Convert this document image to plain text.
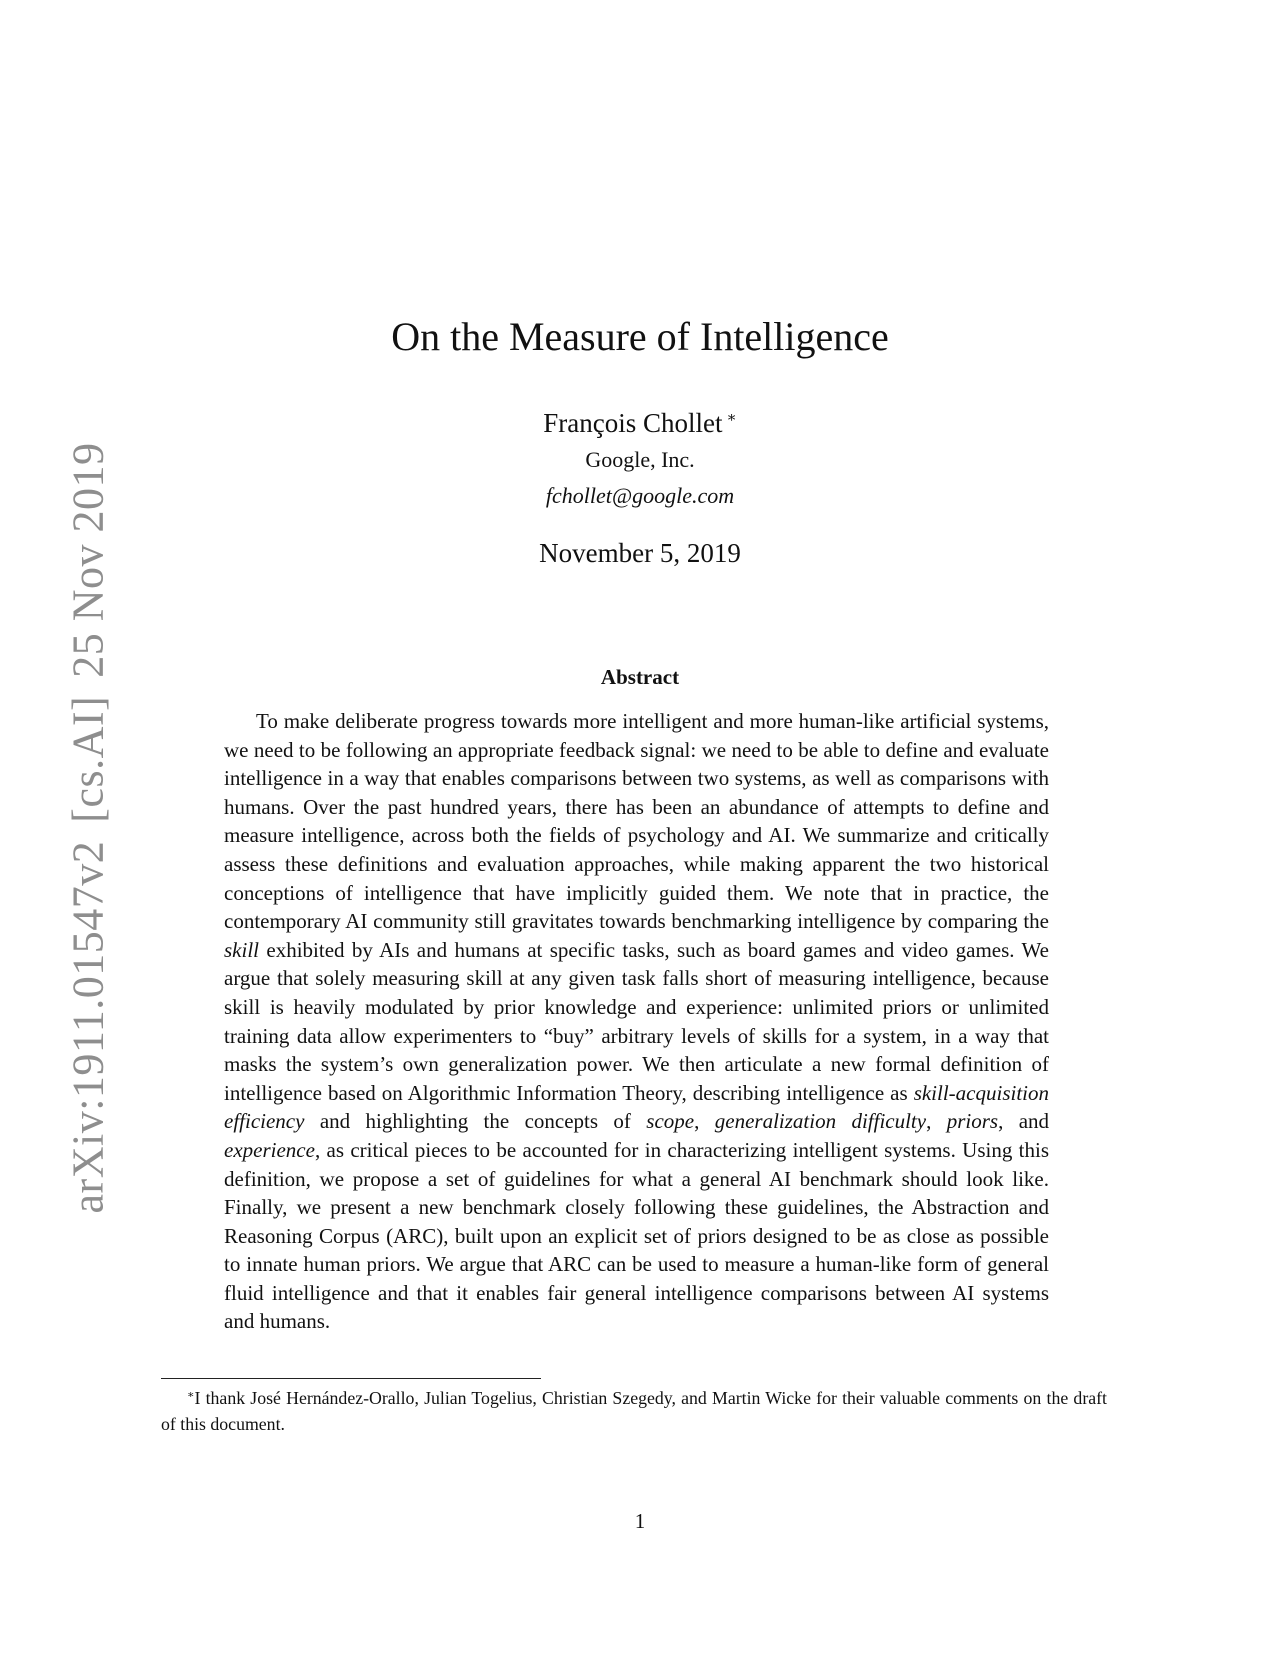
arXiv:1911.01547v2[cs.AI]25 Nov 2019
On the Measure of Intelligence
François Chollet ∗
Google, Inc.
fchollet@google.com
November 5, 2019
Abstract

To make deliberate progress towards more intelligent and more human-like artificial systems, we need to be following an appropriate feedback signal: we need to be able to define and evaluate intelligence in a way that enables comparisons between two systems, as well as comparisons with humans. Over the past hundred years, there has been an abundance of attempts to define and measure intelligence, across both the fields of psychology and AI. We summarize and critically assess these definitions and evaluation approaches, while making apparent the two historical conceptions of intelligence that have implicitly guided them. We note that in practice, the contemporary AI community still gravitates towards benchmarking intelligence by comparing the skill exhibited by AIs and humans at specific tasks, such as board games and video games. We argue that solely measuring skill at any given task falls short of measuring intelligence, because skill is heavily modulated by prior knowledge and experience: unlimited priors or unlimited training data allow experimenters to “buy” arbitrary levels of skills for a system, in a way that masks the system’s own generalization power. We then articulate a new formal definition of intelligence based on Algorithmic Information Theory, describing intelligence as skill-acquisition efficiency and highlighting the concepts of scope, generalization difficulty, priors, and experience, as critical pieces to be accounted for in characterizing intelligent systems. Using this definition, we propose a set of guidelines for what a general AI benchmark should look like. Finally, we present a new benchmark closely following these guidelines, the Abstraction and Reasoning Corpus (ARC), built upon an explicit set of priors designed to be as close as possible to innate human priors. We argue that ARC can be used to measure a human-like form of general fluid intelligence and that it enables fair general intelligence comparisons between AI systems and humans.

∗I thank José Hernández-Orallo, Julian Togelius, Christian Szegedy, and Martin Wicke for their valuable comments on the draft of this document.

1
